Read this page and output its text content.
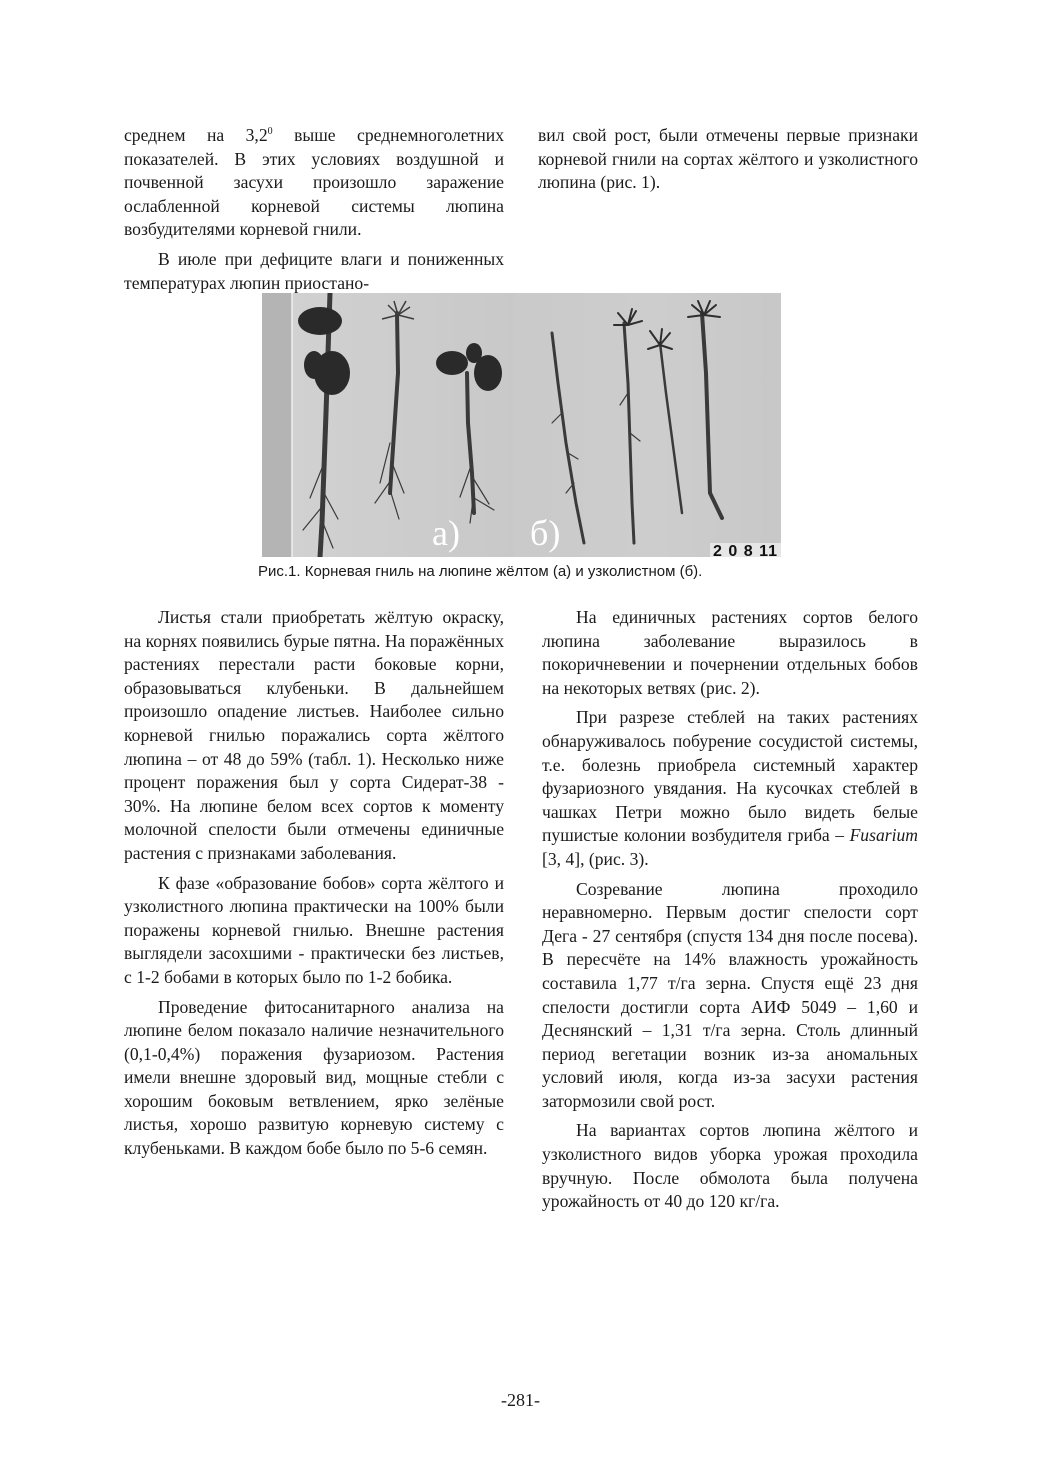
среднем на $3,2^0$ выше среднемноголетних показателей. В этих условиях воздушной и почвенной засухи произошло заражение ослабленной корневой системы люпина возбудителями корневой гнили.

В июле при дефиците влаги и пониженных температурах люпин приостано-

вил свой рост, были отмечены первые признаки корневой гнили на сортах жёлтого и узколистного люпина (рис. 1).

а) б)	2 0 8 11
Рис.1. Корневая гниль на люпине жёлтом (а) и узколистном (б).

Листья стали приобретать жёлтую окраску, на корнях появились бурые пятна. На поражённых растениях перестали расти боковые корни, образовываться клубеньки. В дальнейшем произошло опадение листьев. Наиболее сильно корневой гнилью поражались сорта жёлтого люпина – от 48 до 59% (табл. 1). Несколько ниже процент поражения был у сорта Сидерат-38 - 30%. На люпине белом всех сортов к моменту молочной спелости были отмечены единичные растения с признаками заболевания.

К фазе «образование бобов» сорта жёлтого и узколистного люпина практически на 100% были поражены корневой гнилью. Внешне растения выглядели засохшими - практически без листьев, с 1-2 бобами в которых было по 1-2 бобика.

Проведение фитосанитарного анализа на люпине белом показало наличие незначительного (0,1-0,4%) поражения фузариозом. Растения имели внешне здоровый вид, мощные стебли с хорошим боковым ветвлением, ярко зелёные листья, хорошо развитую корневую систему с клубеньками. В каждом бобе было по 5-6 семян.

На единичных растениях сортов белого люпина заболевание выразилось в покоричневении и почернении отдельных бобов на некоторых ветвях (рис. 2).

При разрезе стеблей на таких растениях обнаруживалось побурение сосудистой системы, т.е. болезнь приобрела системный характер фузариозного увядания. На кусочках стеблей в чашках Петри можно было видеть белые пушистые колонии возбудителя гриба – Fusarium [3, 4], (рис. 3).

Созревание люпина проходило неравномерно. Первым достиг спелости сорт Дега - 27 сентября (спустя 134 дня после посева). В пересчёте на 14% влажность урожайность составила 1,77 т/га зерна. Спустя ещё 23 дня спелости достигли сорта АИФ 5049 – 1,60 и Деснянский – 1,31 т/га зерна. Столь длинный период вегетации возник из-за аномальных условий июля, когда из-за засухи растения затормозили свой рост.

На вариантах сортов люпина жёлтого и узколистного видов уборка урожая проходила вручную. После обмолота была получена урожайность от 40 до 120 кг/га.

-281-
